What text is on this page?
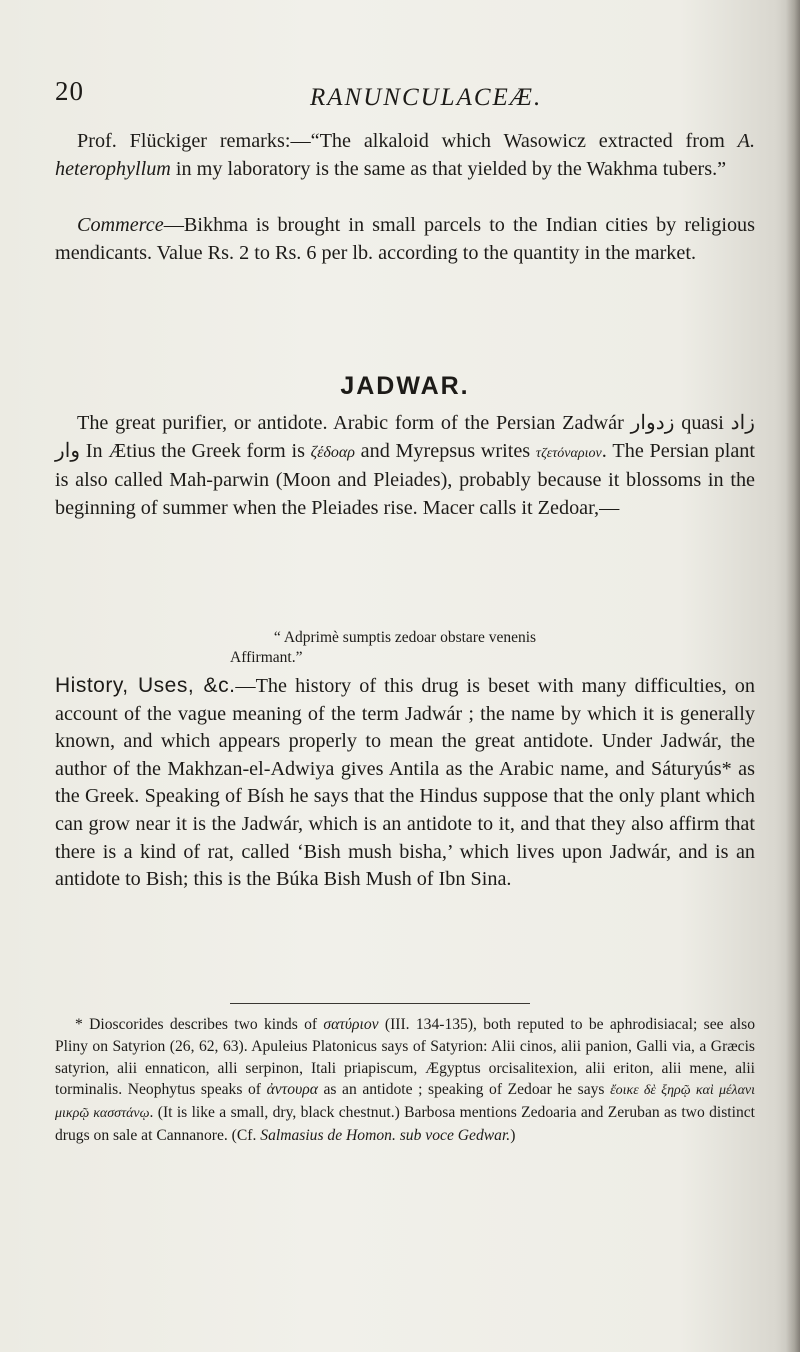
20	RANUNCULACEÆ.

Prof. Flückiger remarks:—“The alkaloid which Wasowicz extracted from A. heterophyllum in my laboratory is the same as that yielded by the Wakhma tubers.”

Commerce—Bikhma is brought in small parcels to the Indian cities by religious mendicants. Value Rs. 2 to Rs. 6 per lb. according to the quantity in the market.

JADWAR.

The great purifier, or antidote. Arabic form of the Persian Zadwár زدوار quasi زاد وار In Ætius the Greek form is ζέδοαρ and Myrepsus writes τζετόναριον. The Persian plant is also called Mah-parwin (Moon and Pleiades), probably because it blossoms in the beginning of summer when the Pleiades rise. Macer calls it Zedoar,—

“ Adprimè sumptis zedoar obstare venenis
Affirmant.”

History, Uses, &c.—The history of this drug is beset with many difficulties, on account of the vague meaning of the term Jadwár ; the name by which it is generally known, and which appears properly to mean the great antidote. Under Jadwár, the author of the Makhzan-el-Adwiya gives Antila as the Arabic name, and Sáturyús* as the Greek. Speaking of Bísh he says that the Hindus suppose that the only plant which can grow near it is the Jadwár, which is an antidote to it, and that they also affirm that there is a kind of rat, called ‘Bish mush bisha,’ which lives upon Jadwár, and is an antidote to Bish; this is the Búka Bish Mush of Ibn Sina.

* Dioscorides describes two kinds of σατύριον (III. 134-135), both reputed to be aphrodisiacal; see also Pliny on Satyrion (26, 62, 63). Apuleius Platonicus says of Satyrion: Alii cinos, alii panion, Galli via, a Græcis satyrion, alii ennaticon, alli serpinon, Itali priapiscum, Ægyptus orcisalitexion, alii eriton, alii mene, alii torminalis. Neophytus speaks of ἀντουρα as an antidote ; speaking of Zedoar he says ἔοικε δὲ ξηρῷ καὶ μέλανι μικρῷ κασστάνῳ. (It is like a small, dry, black chestnut.) Barbosa mentions Zedoaria and Zeruban as two distinct drugs on sale at Cannanore. (Cf. Salmasius de Homon. sub voce Gedwar.)
